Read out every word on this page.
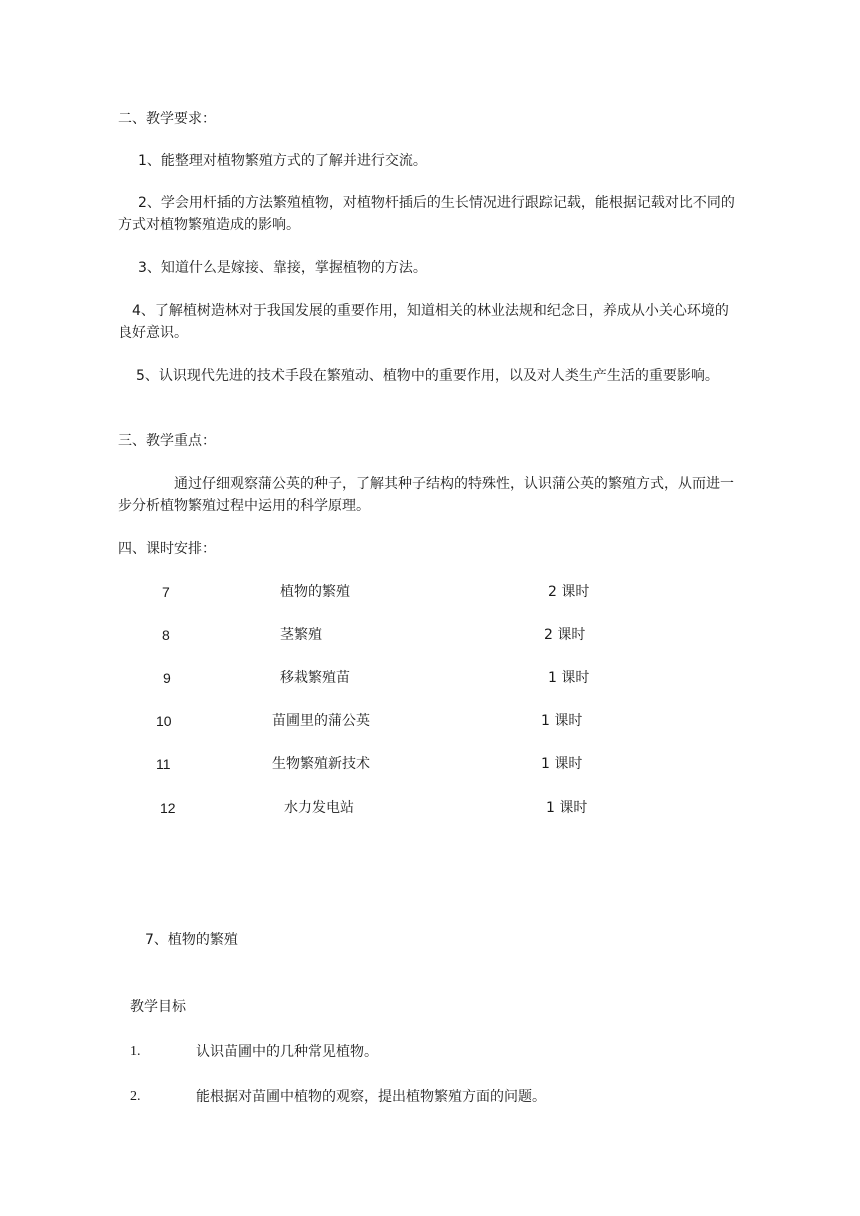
二、教学要求：
1、能整理对植物繁殖方式的了解并进行交流。
2、学会用杆插的方法繁殖植物，对植物杆插后的生长情况进行跟踪记载，能根据记载对比不同的方式对植物繁殖造成的影响。
3、知道什么是嫁接、靠接，掌握植物的方法。
4、了解植树造林对于我国发展的重要作用，知道相关的林业法规和纪念日，养成从小关心环境的良好意识。
5、认识现代先进的技术手段在繁殖动、植物中的重要作用，以及对人类生产生活的重要影响。
三、教学重点：
通过仔细观察蒲公英的种子，了解其种子结构的特殊性，认识蒲公英的繁殖方式，从而进一步分析植物繁殖过程中运用的科学原理。
四、课时安排：
7	植物的繁殖	2 课时
8	茎繁殖	2 课时
9	移栽繁殖苗	1 课时
10	苗圃里的蒲公英	1 课时
11	生物繁殖新技术	1 课时
12	水力发电站	1 课时
7、植物的繁殖
教学目标
1.	认识苗圃中的几种常见植物。
2.	能根据对苗圃中植物的观察，提出植物繁殖方面的问题。
